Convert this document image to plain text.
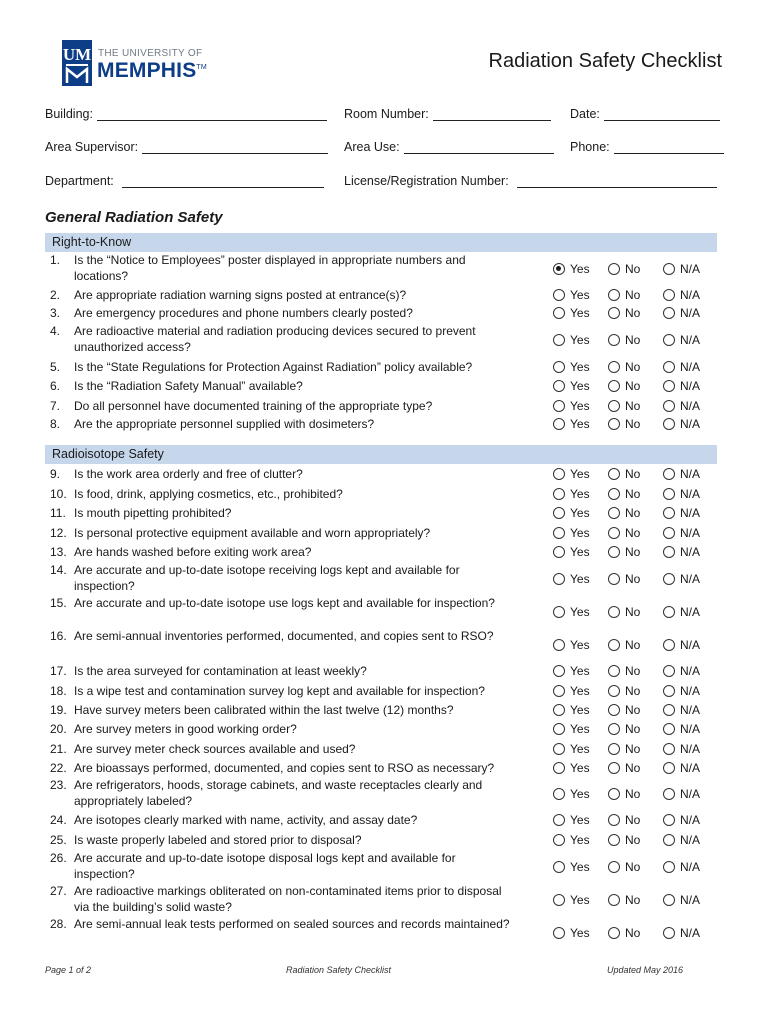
UM THE UNIVERSITY OF
MEMPHIS™	Radiation Safety Checklist
Building:	Room Number:	Date:
Area Supervisor:	Area Use:	Phone:
Department:	License/Registration Number:
General Radiation Safety
Right-to-Know
1. Is the “Notice to Employees” poster displayed in appropriate numbers and locations?
Yes	No	N/A
2. Are appropriate radiation warning signs posted at entrance(s)?	Yes	No	N/A
3. Are emergency procedures and phone numbers clearly posted?	Yes	No	N/A
4. Are radioactive material and radiation producing devices secured to prevent unauthorized access?
Yes	No	N/A
5. Is the “State Regulations for Protection Against Radiation” policy available?	Yes	No	N/A
6. Is the “Radiation Safety Manual” available?	Yes	No	N/A
7. Do all personnel have documented training of the appropriate type?	Yes	No	N/A
8. Are the appropriate personnel supplied with dosimeters?	Yes	No	N/A
Radioisotope Safety
9. Is the work area orderly and free of clutter?	Yes	No	N/A
10. Is food, drink, applying cosmetics, etc., prohibited?	Yes	No	N/A
11. Is mouth pipetting prohibited?	Yes	No	N/A
12. Is personal protective equipment available and worn appropriately?	Yes	No	N/A
13. Are hands washed before exiting work area?	Yes	No	N/A
14. Are accurate and up-to-date isotope receiving logs kept and available for inspection?
Yes	No	N/A
15. Are accurate and up-to-date isotope use logs kept and available for inspection?
Yes	No	N/A
16. Are semi-annual inventories performed, documented, and copies sent to RSO?
Yes	No	N/A
17. Is the area surveyed for contamination at least weekly?	Yes	No	N/A
18. Is a wipe test and contamination survey log kept and available for inspection?	Yes	No	N/A
19. Have survey meters been calibrated within the last twelve (12) months?	Yes	No	N/A
20. Are survey meters in good working order?	Yes	No	N/A
21. Are survey meter check sources available and used?	Yes	No	N/A
22. Are bioassays performed, documented, and copies sent to RSO as necessary?	Yes	No	N/A
23. Are refrigerators, hoods, storage cabinets, and waste receptacles clearly and appropriately labeled?
Yes	No	N/A
24. Are isotopes clearly marked with name, activity, and assay date?	Yes	No	N/A
25. Is waste properly labeled and stored prior to disposal?	Yes	No	N/A
26. Are accurate and up-to-date isotope disposal logs kept and available for inspection?
Yes	No	N/A
27. Are radioactive markings obliterated on non-contaminated items prior to disposal via the building’s solid waste?
Yes	No	N/A
28. Are semi-annual leak tests performed on sealed sources and records maintained?
Yes	No	N/A
Page 1 of 2	Radiation Safety Checklist	Updated May 2016
